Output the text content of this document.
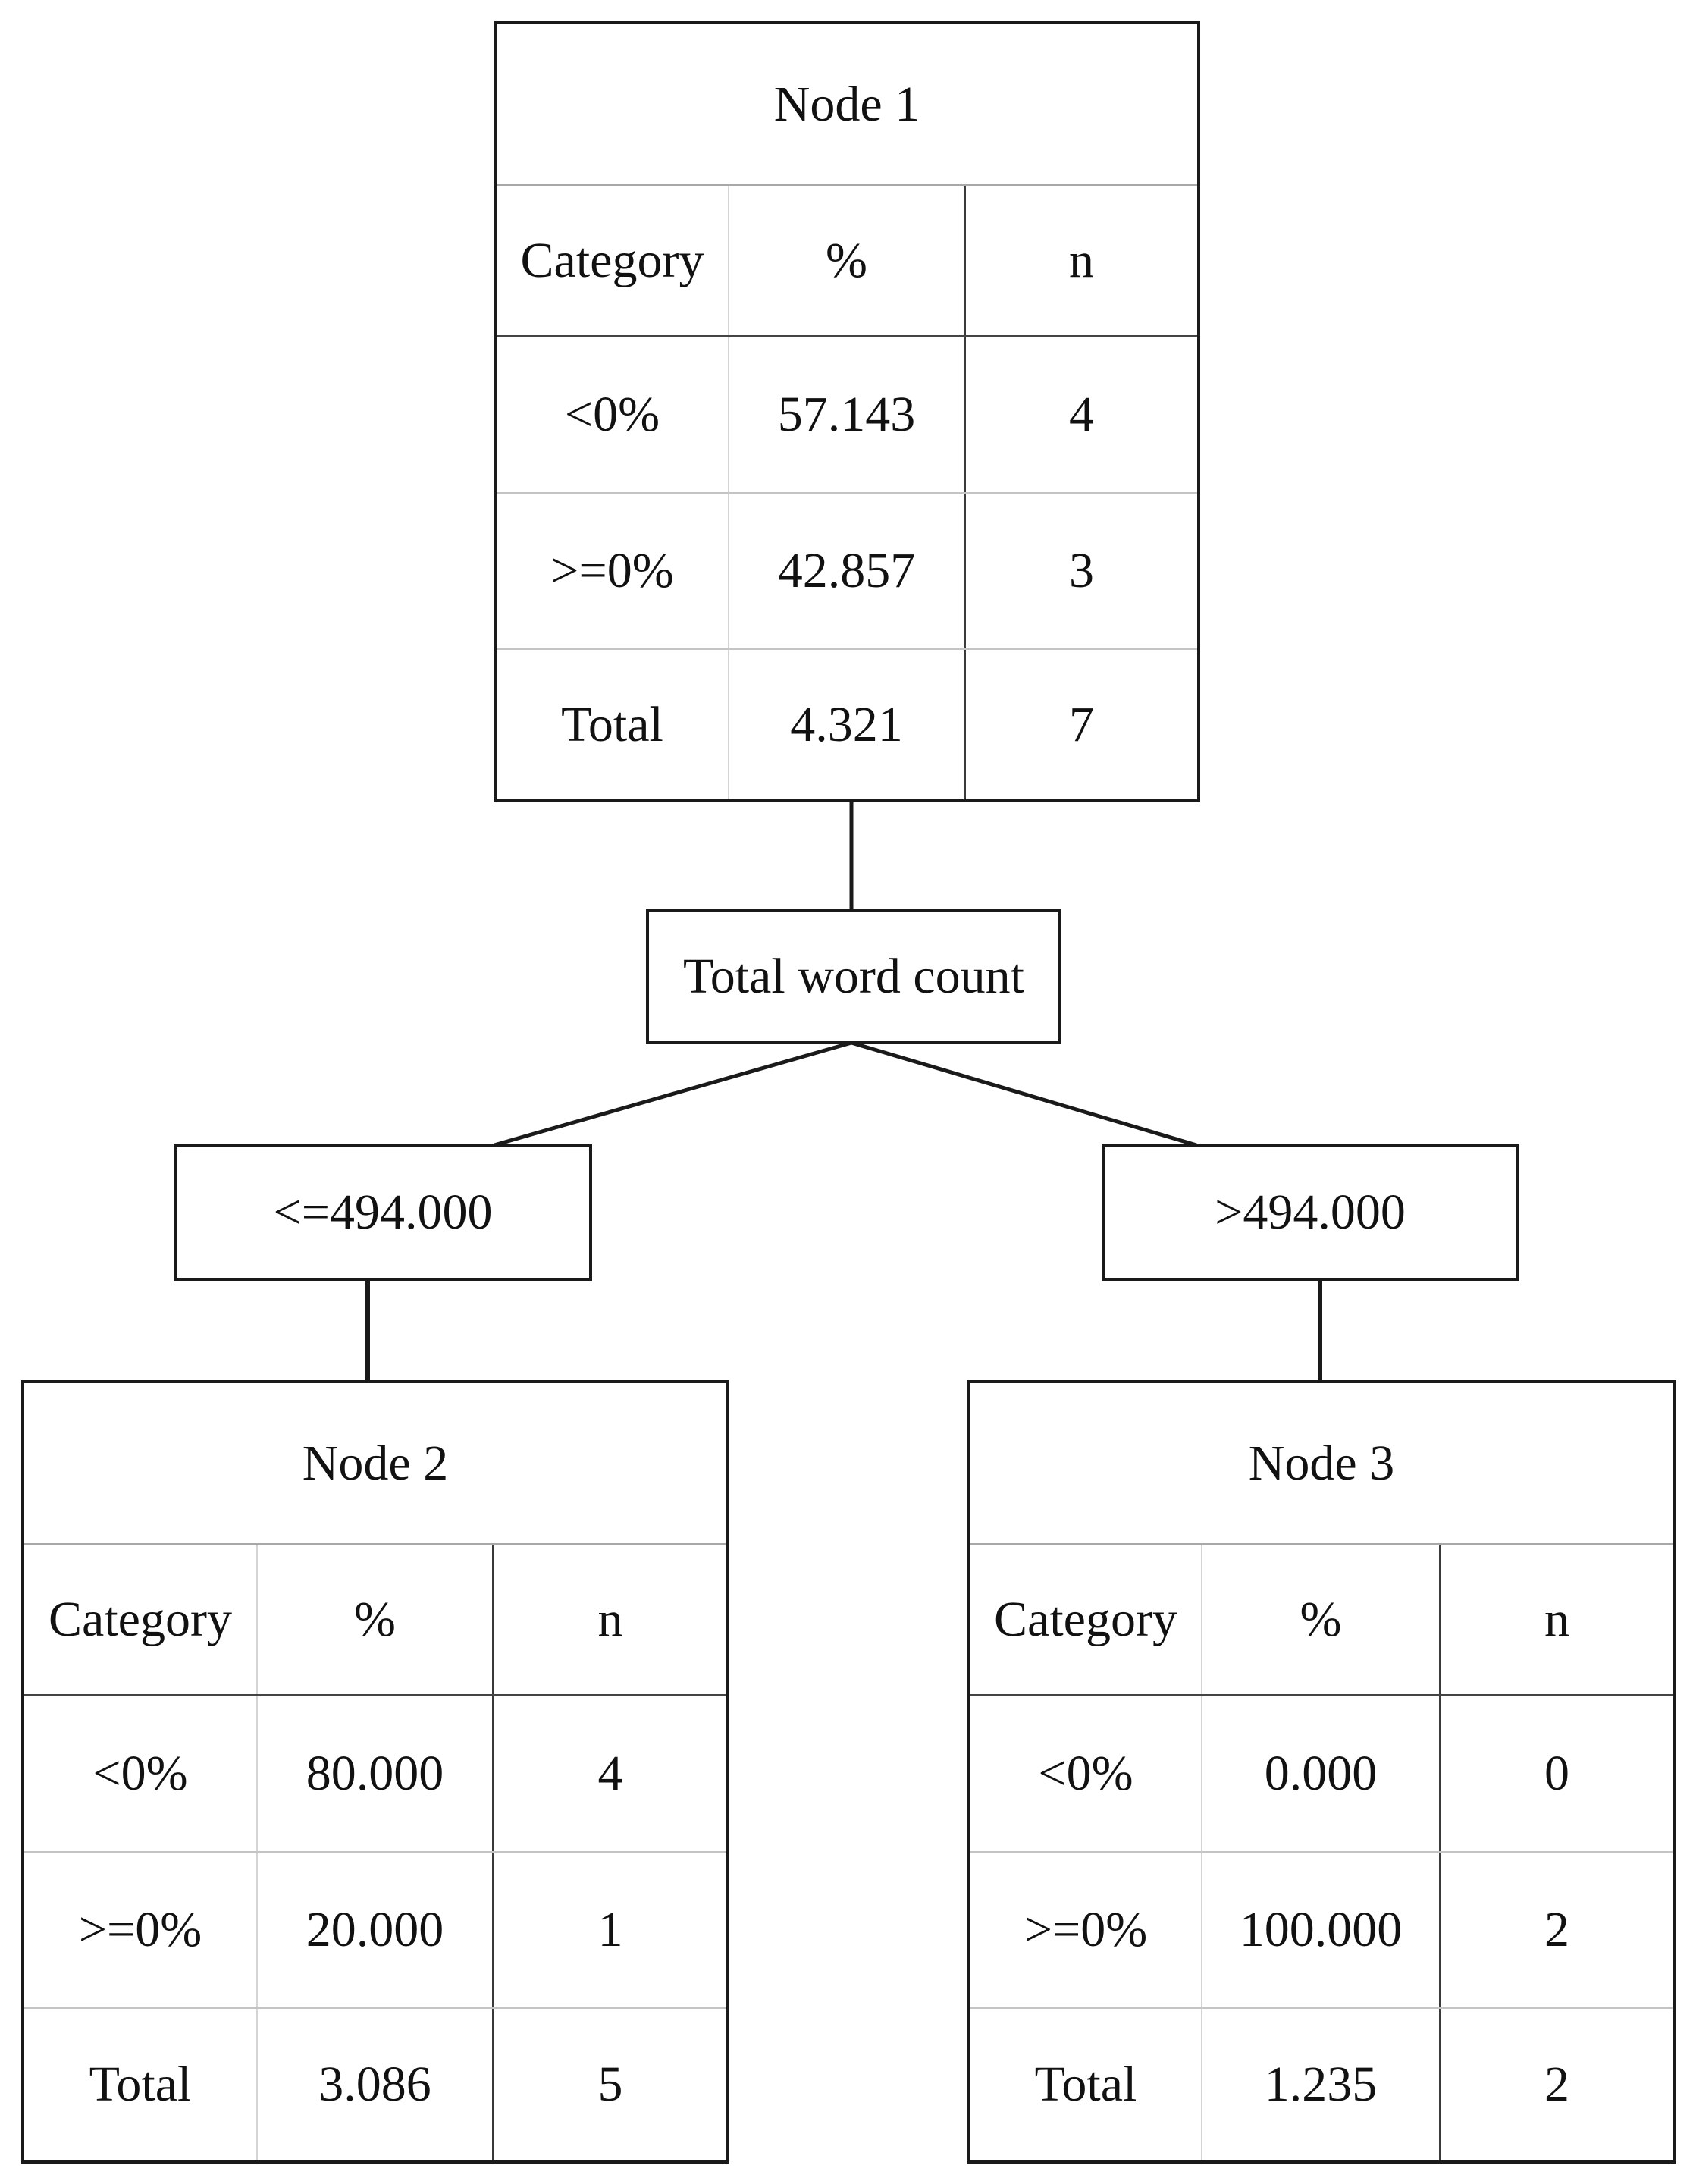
Node 1
Category	%	n
<0%	57.143	4
>=0%	42.857	3
Total	4.321	7
Total word count
<=494.000	>494.000
Node 2
Category	%	n
<0%	80.000	4
>=0%	20.000	1
Total	3.086	5
Node 3
Category	%	n
<0%	0.000	0
>=0%	100.000	2
Total	1.235	2
